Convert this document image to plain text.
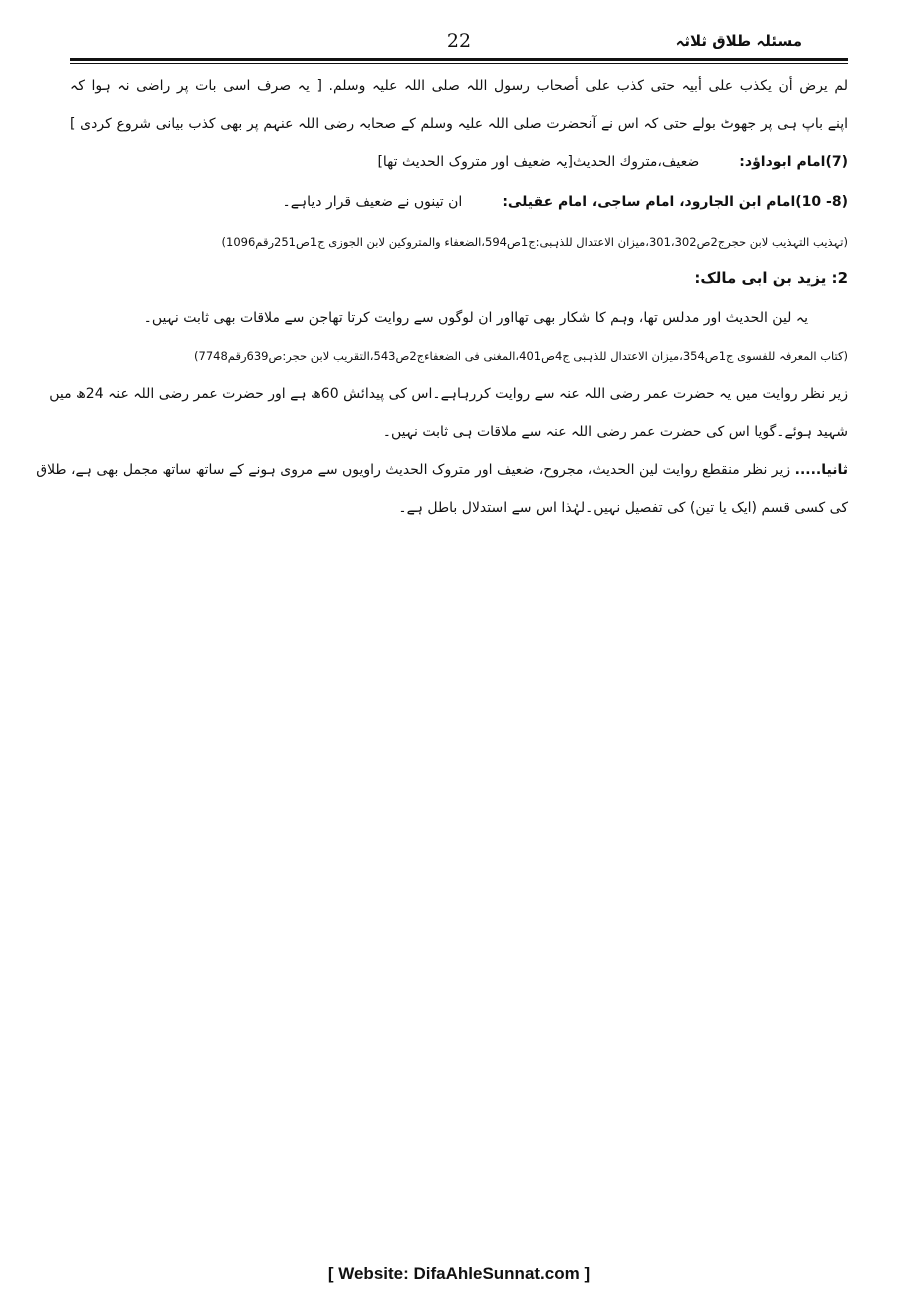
مسئلہ طلاق ثلاثہ
22
لم یرض أن یکذب علی أبیہ حتی کذب علی أصحاب رسول اللہ صلی اللہ علیہ وسلم. [ یہ صرف اسی بات پر راضی نہ ہوا کہ
اپنے باپ ہی پر جھوٹ بولے حتی کہ اس نے آنحضرت صلی اللہ علیہ وسلم کے صحابہ رضی اللہ عنہم پر بھی کذب بیانی شروع کردی ]
(7)امام ابوداؤد:ضعیف،متروك الحدیث[یہ ضعیف اور متروک الحدیث تھا]
(8- 10)امام ابن الجارود، امام ساجی، امام عقیلی:ان تینوں نے ضعیف قرار دیاہے۔
(تہذیب التہذیب لابن حجرج2ص301،302،میزان الاعتدال للذہبی:ج1ص594،الضعفاء والمتروکین لابن الجوزی ج1ص251رقم1096)
2: یزید بن ابی مالک:
یہ لین الحدیث اور مدلس تھا، وہم کا شکار بھی تھااور ان لوگوں سے روایت کرتا تھاجن سے ملاقات بھی ثابت نہیں۔
(کتاب المعرفہ للفسوی ج1ص354،میزان الاعتدال للذہبی ج4ص401،المغنی فی الضعفاءج2ص543،التقریب لابن حجر:ص639رقم7748)
زیر نظر روایت میں یہ حضرت عمر رضی اللہ عنہ سے روایت کررہاہے۔اس کی پیدائش 60ھ ہے اور حضرت عمر رضی اللہ عنہ 24ھ میں
شہید ہوئے۔گویا اس کی حضرت عمر رضی اللہ عنہ سے ملاقات ہی ثابت نہیں۔
ثانیا..... زیر نظر منقطع روایت لین الحدیث، مجروح، ضعیف اور متروک الحدیث راویوں سے مروی ہونے کے ساتھ ساتھ مجمل بھی ہے، طلاق
کی کسی قسم (ایک یا تین) کی تفصیل نہیں۔لہٰذا اس سے استدلال باطل ہے۔
[ Website: DifaAhleSunnat.com ]
